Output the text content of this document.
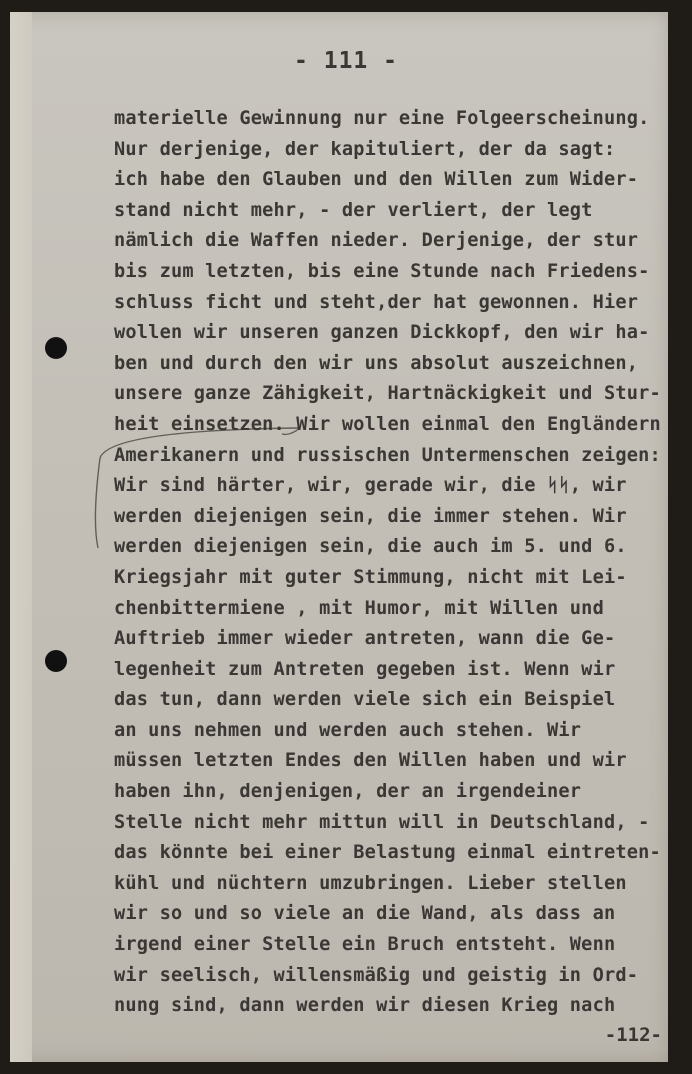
- 111 -
materielle Gewinnung nur eine Folgeerscheinung.
Nur derjenige, der kapituliert, der da sagt:
ich habe den Glauben und den Willen zum Wider-
stand nicht mehr, - der verliert, der legt
nämlich die Waffen nieder. Derjenige, der stur
bis zum letzten, bis eine Stunde nach Friedens-
schluss ficht und steht,der hat gewonnen. Hier
wollen wir unseren ganzen Dickkopf, den wir ha-
ben und durch den wir uns absolut auszeichnen,
unsere ganze Zähigkeit, Hartnäckigkeit und Stur-
heit einsetzen. Wir wollen einmal den Engländern
Amerikanern und russischen Untermenschen zeigen:
Wir sind härter, wir, gerade wir, die ᛋᛋ, wir
werden diejenigen sein, die immer stehen. Wir
werden diejenigen sein, die auch im 5. und 6.
Kriegsjahr mit guter Stimmung, nicht mit Lei-
chenbittermiene , mit Humor, mit Willen und
Auftrieb immer wieder antreten, wann die Ge-
legenheit zum Antreten gegeben ist. Wenn wir
das tun, dann werden viele sich ein Beispiel
an uns nehmen und werden auch stehen. Wir
müssen letzten Endes den Willen haben und wir
haben ihn, denjenigen, der an irgendeiner
Stelle nicht mehr mittun will in Deutschland, -
das könnte bei einer Belastung einmal eintreten-
kühl und nüchtern umzubringen. Lieber stellen
wir so und so viele an die Wand, als dass an
irgend einer Stelle ein Bruch entsteht. Wenn
wir seelisch, willensmäßig und geistig in Ord-
nung sind, dann werden wir diesen Krieg nach
-112-
